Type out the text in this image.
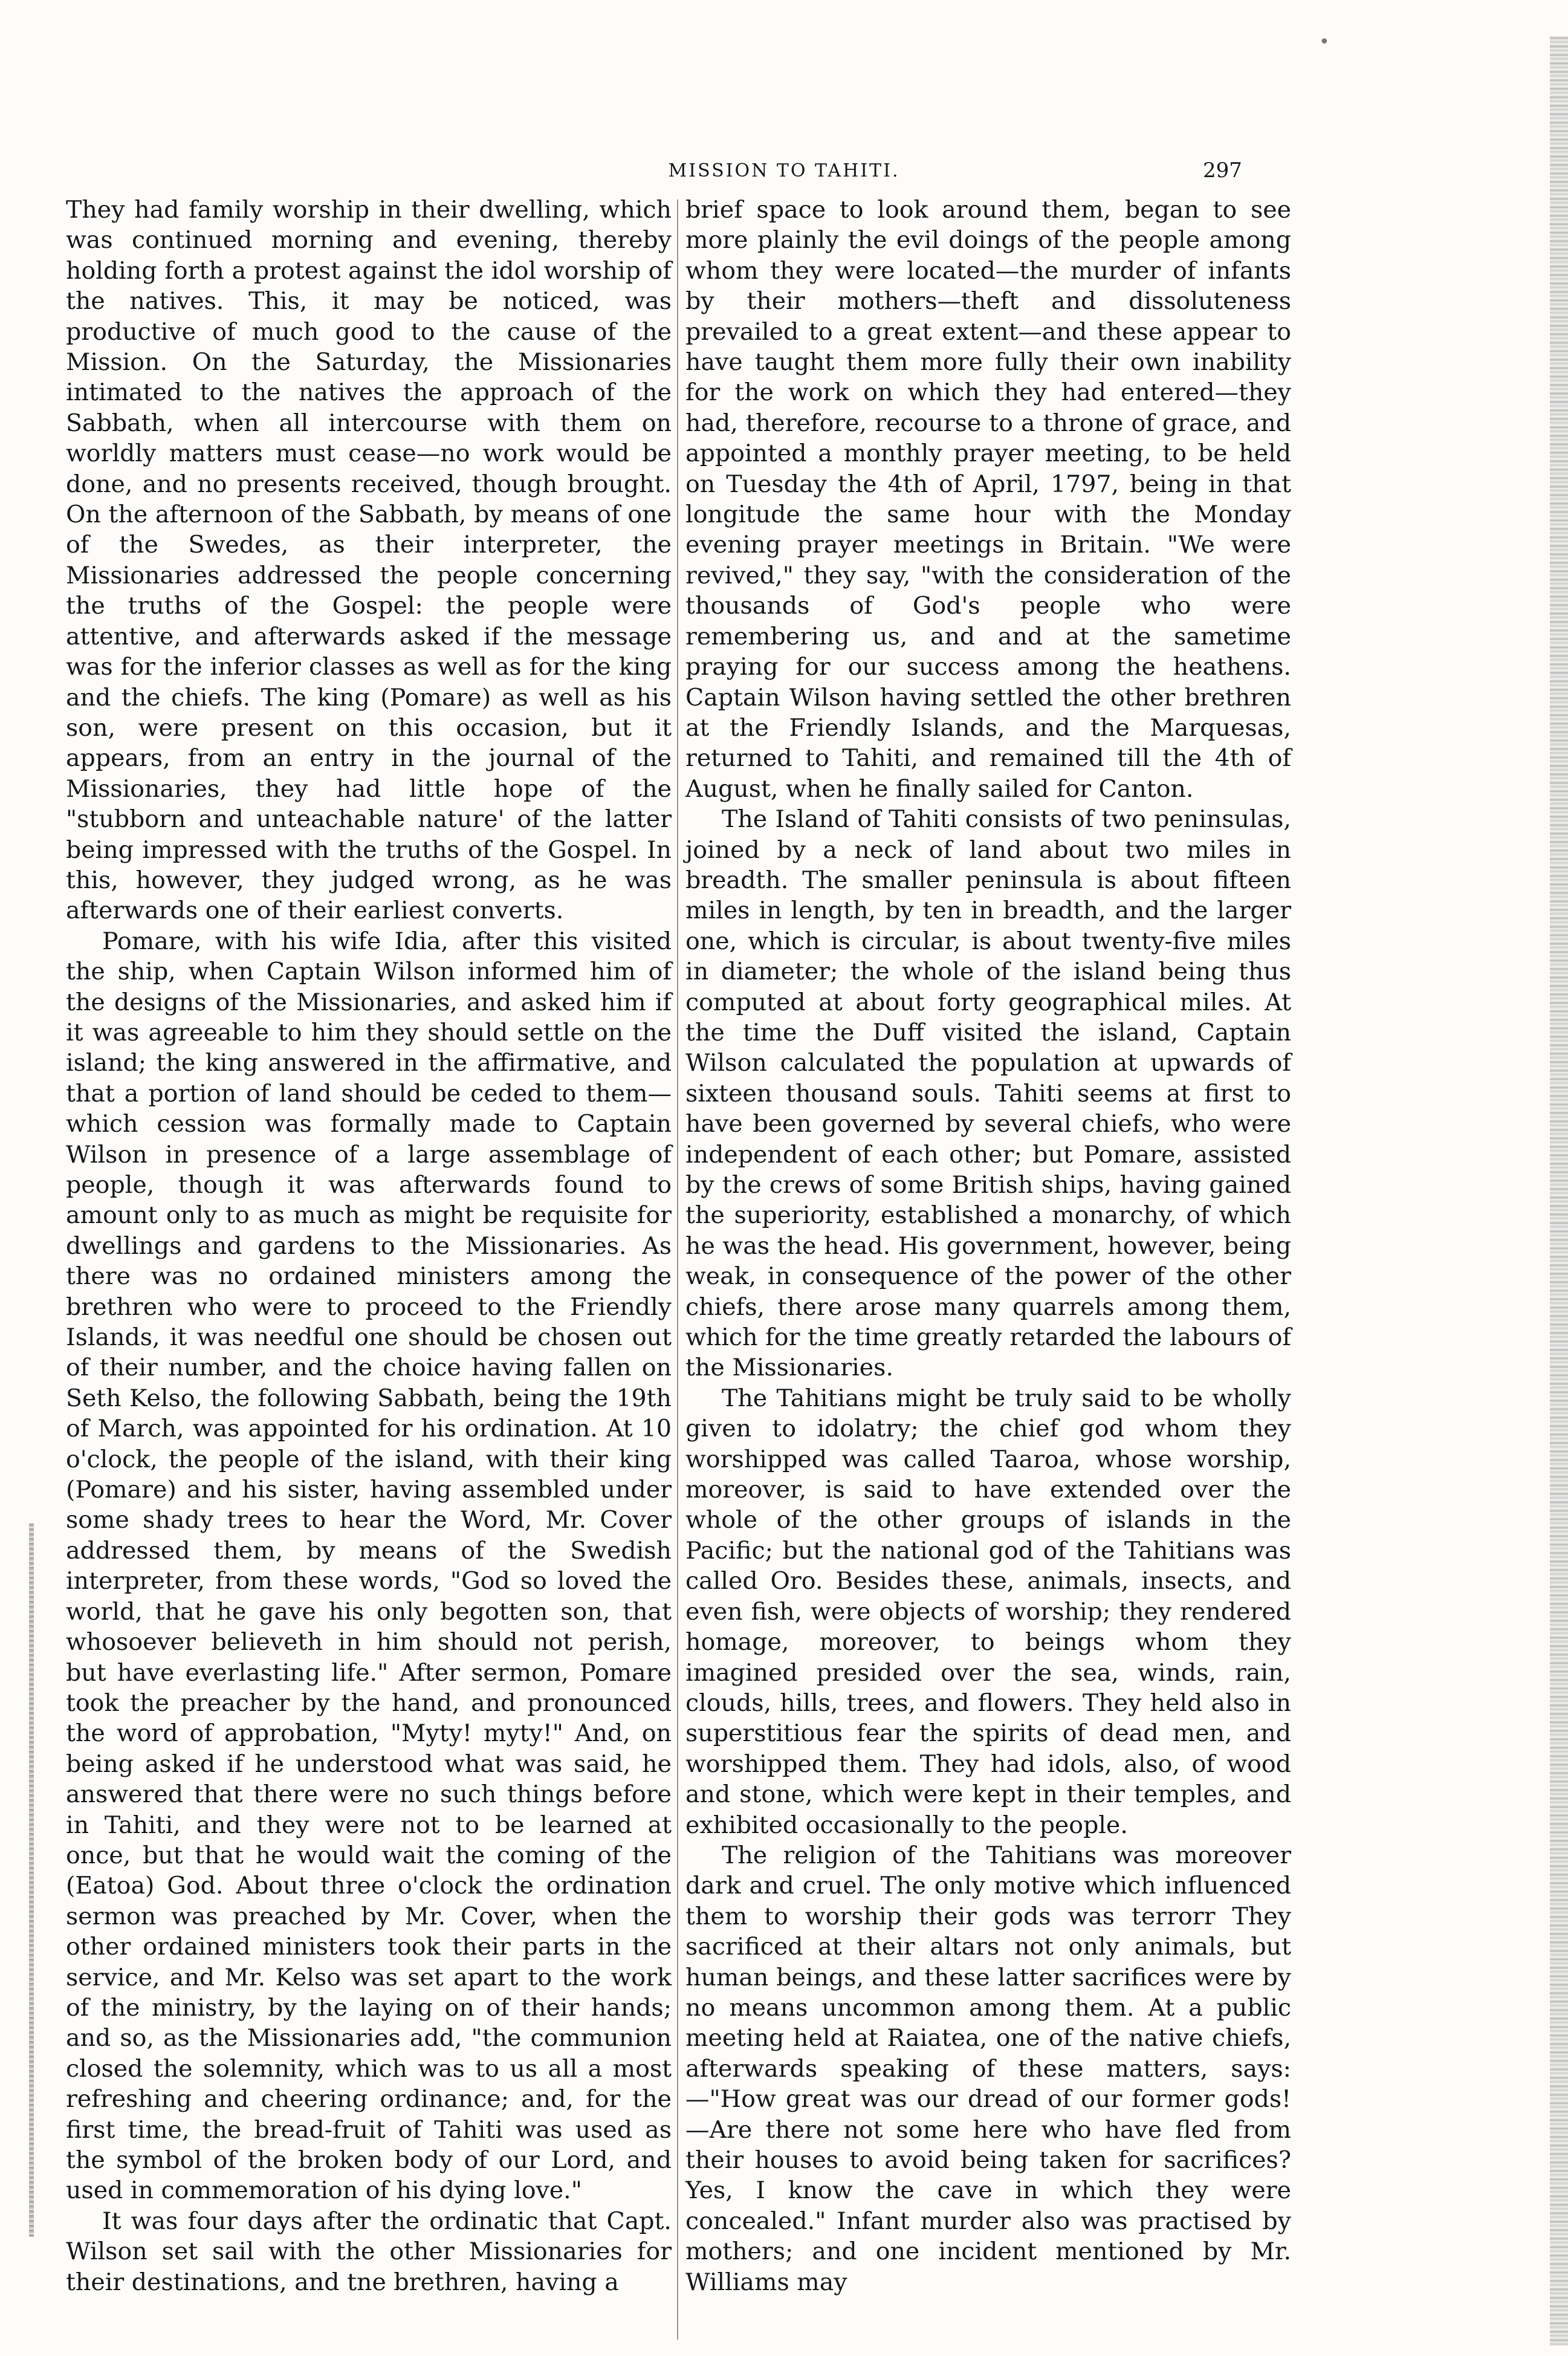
•
MISSION TO TAHITI.	297

They had family worship in their dwelling, which was continued morning and evening, thereby holding forth a protest against the idol worship of the natives. This, it may be noticed, was productive of much good to the cause of the Mission. On the Saturday, the Missionaries intimated to the natives the approach of the Sabbath, when all intercourse with them on worldly matters must cease—no work would be done, and no presents received, though brought. On the afternoon of the Sabbath, by means of one of the Swedes, as their interpreter, the Missionaries addressed the people concerning the truths of the Gospel: the people were attentive, and afterwards asked if the message was for the inferior classes as well as for the king and the chiefs. The king (Pomare) as well as his son, were present on this occasion, but it appears, from an entry in the journal of the Missionaries, they had little hope of the "stubborn and unteachable nature' of the latter being impressed with the truths of the Gospel. In this, however, they judged wrong, as he was afterwards one of their earliest converts.

Pomare, with his wife Idia, after this visited the ship, when Captain Wilson informed him of the designs of the Missionaries, and asked him if it was agreeable to him they should settle on the island; the king answered in the affirmative, and that a portion of land should be ceded to them—which cession was formally made to Captain Wilson in presence of a large assemblage of people, though it was afterwards found to amount only to as much as might be requisite for dwellings and gardens to the Missionaries. As there was no ordained ministers among the brethren who were to proceed to the Friendly Islands, it was needful one should be chosen out of their number, and the choice having fallen on Seth Kelso, the following Sabbath, being the 19th of March, was appointed for his ordination. At 10 o'clock, the people of the island, with their king (Pomare) and his sister, having assembled under some shady trees to hear the Word, Mr. Cover addressed them, by means of the Swedish interpreter, from these words, "God so loved the world, that he gave his only begotten son, that whosoever believeth in him should not perish, but have everlasting life." After sermon, Pomare took the preacher by the hand, and pronounced the word of approbation, "Myty! myty!" And, on being asked if he understood what was said, he answered that there were no such things before in Tahiti, and they were not to be learned at once, but that he would wait the coming of the (Eatoa) God. About three o'clock the ordination sermon was preached by Mr. Cover, when the other ordained ministers took their parts in the service, and Mr. Kelso was set apart to the work of the ministry, by the laying on of their hands; and so, as the Missionaries add, "the communion closed the solemnity, which was to us all a most refreshing and cheering ordinance; and, for the first time, the bread-fruit of Tahiti was used as the symbol of the broken body of our Lord, and used in commemoration of his dying love."

It was four days after the ordinatic that Capt. Wilson set sail with the other Missionaries for their destinations, and tne brethren, having a

brief space to look around them, began to see more plainly the evil doings of the people among whom they were located—the murder of infants by their mothers—theft and dissoluteness prevailed to a great extent—and these appear to have taught them more fully their own inability for the work on which they had entered—they had, therefore, recourse to a throne of grace, and appointed a monthly prayer meeting, to be held on Tuesday the 4th of April, 1797, being in that longitude the same hour with the Monday evening prayer meetings in Britain. "We were revived," they say, "with the consideration of the thousands of God's people who were remembering us, and and at the sametime praying for our success among the heathens. Captain Wilson having settled the other brethren at the Friendly Islands, and the Marquesas, returned to Tahiti, and remained till the 4th of August, when he finally sailed for Canton.

The Island of Tahiti consists of two peninsulas, joined by a neck of land about two miles in breadth. The smaller peninsula is about fifteen miles in length, by ten in breadth, and the larger one, which is circular, is about twenty-five miles in diameter; the whole of the island being thus computed at about forty geographical miles. At the time the Duff visited the island, Captain Wilson calculated the population at upwards of sixteen thousand souls. Tahiti seems at first to have been governed by several chiefs, who were independent of each other; but Pomare, assisted by the crews of some British ships, having gained the superiority, established a monarchy, of which he was the head. His government, however, being weak, in consequence of the power of the other chiefs, there arose many quarrels among them, which for the time greatly retarded the labours of the Missionaries.

The Tahitians might be truly said to be wholly given to idolatry; the chief god whom they worshipped was called Taaroa, whose worship, moreover, is said to have extended over the whole of the other groups of islands in the Pacific; but the national god of the Tahitians was called Oro. Besides these, animals, insects, and even fish, were objects of worship; they rendered homage, moreover, to beings whom they imagined presided over the sea, winds, rain, clouds, hills, trees, and flowers. They held also in superstitious fear the spirits of dead men, and worshipped them. They had idols, also, of wood and stone, which were kept in their temples, and exhibited occasionally to the people.

The religion of the Tahitians was moreover dark and cruel. The only motive which influenced them to worship their gods was terrorr They sacrificed at their altars not only animals, but human beings, and these latter sacrifices were by no means uncommon among them. At a public meeting held at Raiatea, one of the native chiefs, afterwards speaking of these matters, says:—"How great was our dread of our former gods!—Are there not some here who have fled from their houses to avoid being taken for sacrifices? Yes, I know the cave in which they were concealed." Infant murder also was practised by mothers; and one incident mentioned by Mr. Williams may
